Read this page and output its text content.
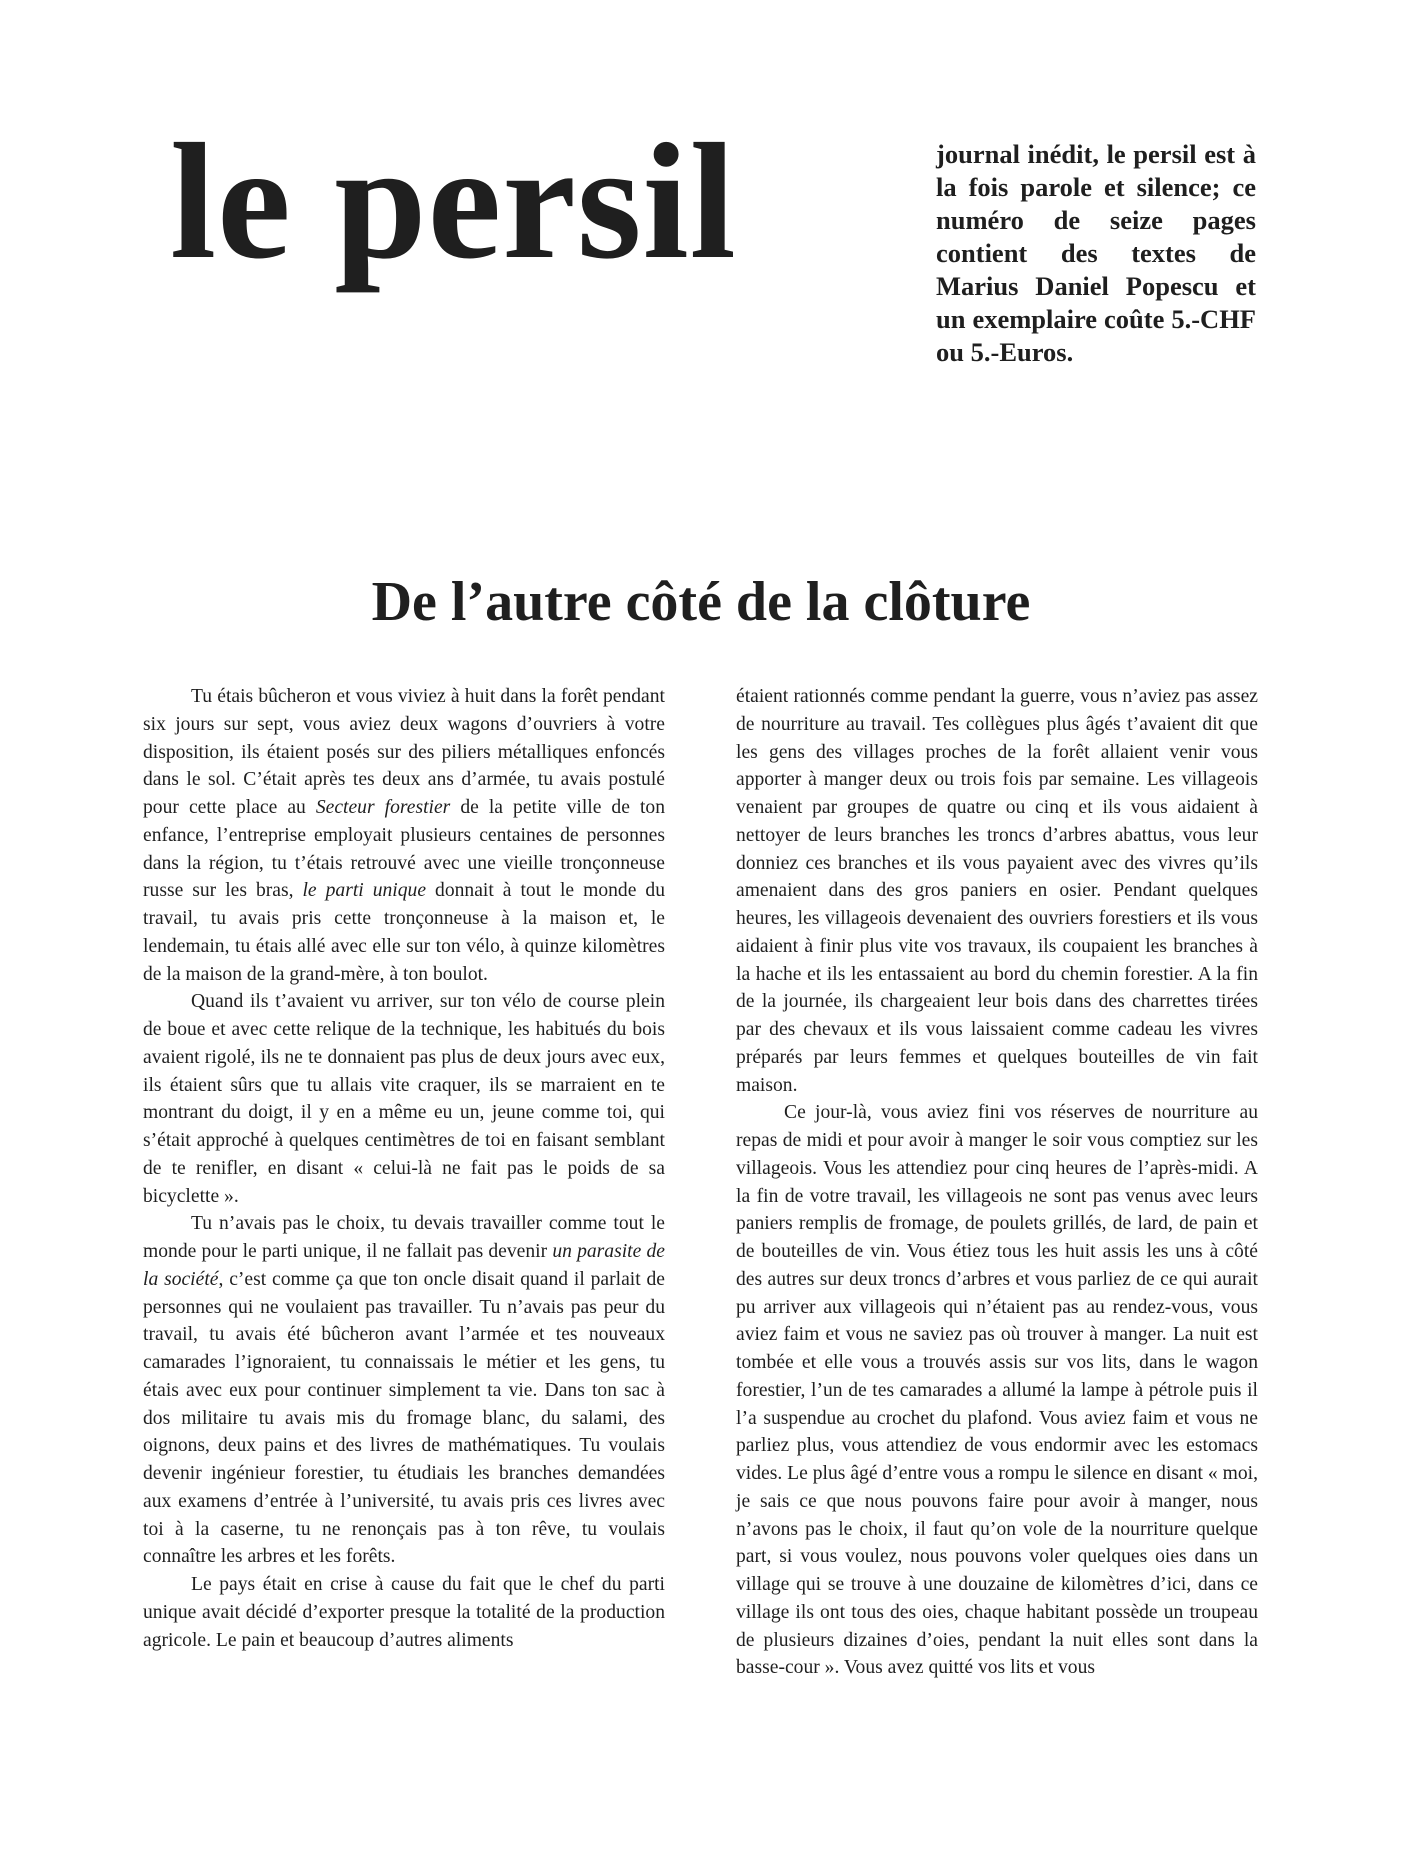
le persil	journal inédit, le persil est à la fois parole et silence; ce numéro de seize pages contient des textes de Marius Daniel Popescu et un exemplaire coûte 5.-CHF ou 5.-Euros.

De l’autre côté de la clôture

Tu étais bûcheron et vous viviez à huit dans la forêt pendant six jours sur sept, vous aviez deux wagons d’ouvriers à votre disposition, ils étaient posés sur des piliers métalliques enfoncés dans le sol. C’était après tes deux ans d’armée, tu avais postulé pour cette place au Secteur forestier de la petite ville de ton enfance, l’entreprise employait plusieurs centaines de personnes dans la région, tu t’étais retrouvé avec une vieille tronçonneuse russe sur les bras, le parti unique donnait à tout le monde du travail, tu avais pris cette tronçonneuse à la maison et, le lendemain, tu étais allé avec elle sur ton vélo, à quinze kilomètres de la maison de la grand-mère, à ton boulot.

Quand ils t’avaient vu arriver, sur ton vélo de course plein de boue et avec cette relique de la technique, les habitués du bois avaient rigolé, ils ne te donnaient pas plus de deux jours avec eux, ils étaient sûrs que tu allais vite craquer, ils se marraient en te montrant du doigt, il y en a même eu un, jeune comme toi, qui s’était approché à quelques centimètres de toi en faisant semblant de te renifler, en disant « celui-là ne fait pas le poids de sa bicyclette ».

Tu n’avais pas le choix, tu devais travailler comme tout le monde pour le parti unique, il ne fallait pas devenir un parasite de la société, c’est comme ça que ton oncle disait quand il parlait de personnes qui ne voulaient pas travailler. Tu n’avais pas peur du travail, tu avais été bûcheron avant l’armée et tes nouveaux camarades l’ignoraient, tu connaissais le métier et les gens, tu étais avec eux pour continuer simplement ta vie. Dans ton sac à dos militaire tu avais mis du fromage blanc, du salami, des oignons, deux pains et des livres de mathématiques. Tu voulais devenir ingénieur forestier, tu étudiais les branches demandées aux examens d’entrée à l’université, tu avais pris ces livres avec toi à la caserne, tu ne renonçais pas à ton rêve, tu voulais connaître les arbres et les forêts.

Le pays était en crise à cause du fait que le chef du parti unique avait décidé d’exporter presque la totalité de la production agricole. Le pain et beaucoup d’autres aliments

étaient rationnés comme pendant la guerre, vous n’aviez pas assez de nourriture au travail. Tes collègues plus âgés t’avaient dit que les gens des villages proches de la forêt allaient venir vous apporter à manger deux ou trois fois par semaine. Les villageois venaient par groupes de quatre ou cinq et ils vous aidaient à nettoyer de leurs branches les troncs d’arbres abattus, vous leur donniez ces branches et ils vous payaient avec des vivres qu’ils amenaient dans des gros paniers en osier. Pendant quelques heures, les villageois devenaient des ouvriers forestiers et ils vous aidaient à finir plus vite vos travaux, ils coupaient les branches à la hache et ils les entassaient au bord du chemin forestier. A la fin de la journée, ils chargeaient leur bois dans des charrettes tirées par des chevaux et ils vous laissaient comme cadeau les vivres préparés par leurs femmes et quelques bouteilles de vin fait maison.

Ce jour-là, vous aviez fini vos réserves de nourriture au repas de midi et pour avoir à manger le soir vous comptiez sur les villageois. Vous les attendiez pour cinq heures de l’après-midi. A la fin de votre travail, les villageois ne sont pas venus avec leurs paniers remplis de fromage, de poulets grillés, de lard, de pain et de bouteilles de vin. Vous étiez tous les huit assis les uns à côté des autres sur deux troncs d’arbres et vous parliez de ce qui aurait pu arriver aux villageois qui n’étaient pas au rendez-vous, vous aviez faim et vous ne saviez pas où trouver à manger. La nuit est tombée et elle vous a trouvés assis sur vos lits, dans le wagon forestier, l’un de tes camarades a allumé la lampe à pétrole puis il l’a suspendue au crochet du plafond. Vous aviez faim et vous ne parliez plus, vous attendiez de vous endormir avec les estomacs vides. Le plus âgé d’entre vous a rompu le silence en disant « moi, je sais ce que nous pouvons faire pour avoir à manger, nous n’avons pas le choix, il faut qu’on vole de la nourriture quelque part, si vous voulez, nous pouvons voler quelques oies dans un village qui se trouve à une douzaine de kilomètres d’ici, dans ce village ils ont tous des oies, chaque habitant possède un troupeau de plusieurs dizaines d’oies, pendant la nuit elles sont dans la basse-cour ». Vous avez quitté vos lits et vous
